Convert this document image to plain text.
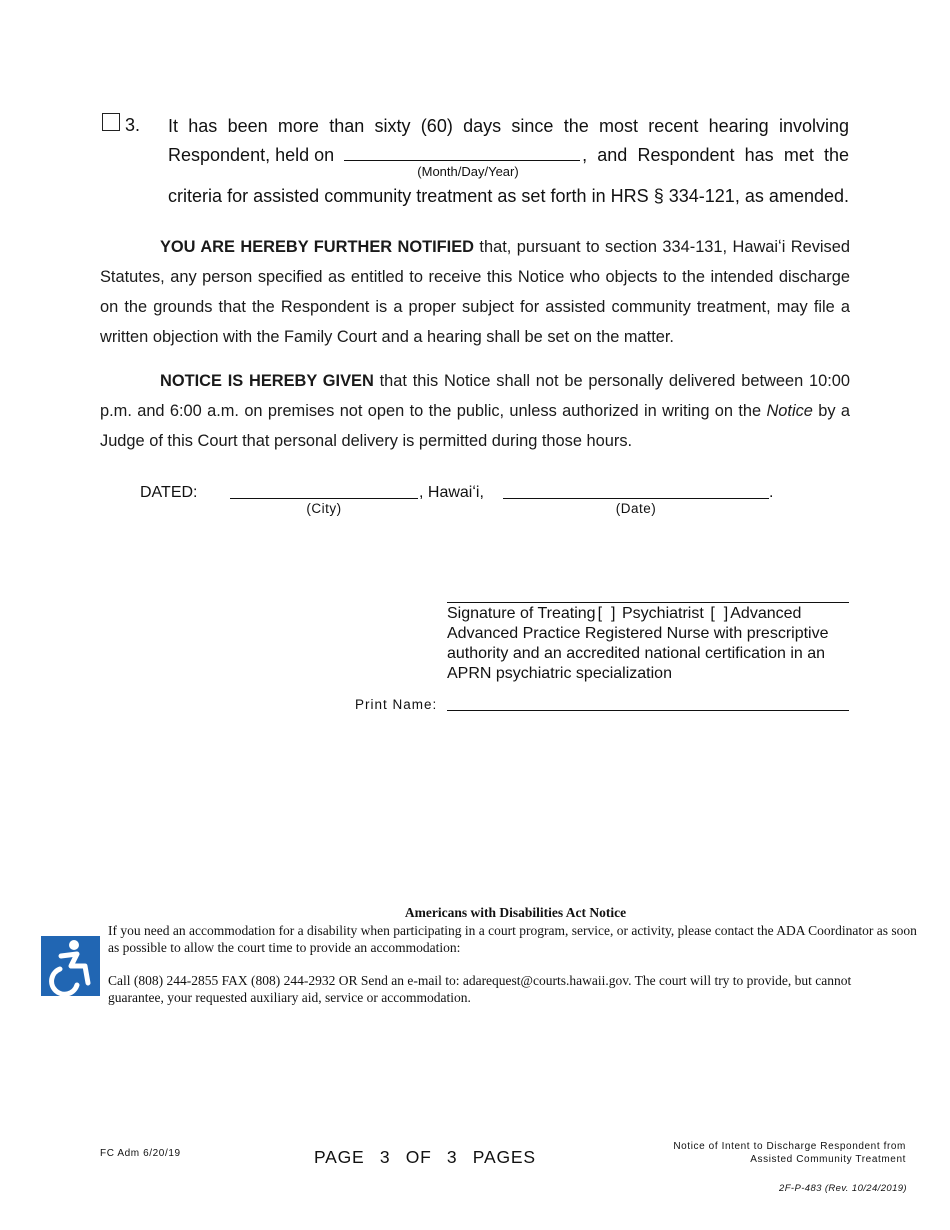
3. It has been more than sixty (60) days since the most recent hearing involving
Respondent, held on	, and Respondent has met the
(Month/Day/Year)
criteria for assisted community treatment as set forth in HRS § 334-121, as amended.
YOU ARE HEREBY FURTHER NOTIFIED that, pursuant to section 334-131, Hawaiʻi Revised Statutes, any person specified as entitled to receive this Notice who objects to the intended discharge on the grounds that the Respondent is a proper subject for assisted community treatment, may file a written objection with the Family Court and a hearing shall be set on the matter.
NOTICE IS HEREBY GIVEN that this Notice shall not be personally delivered between 10:00 p.m. and 6:00 a.m. on premises not open to the public, unless authorized in writing on the Notice by a Judge of this Court that personal delivery is permitted during those hours.
DATED:	, Hawaiʻi,	.
(City)	(Date)
Signature of Treating [ ] Psychiatrist [ ] Advanced
Advanced Practice Registered Nurse with prescriptive authority and an accredited national certification in an APRN psychiatric specialization
Print Name:
Americans with Disabilities Act Notice
If you need an accommodation for a disability when participating in a court program, service, or activity, please contact the ADA Coordinator as soon as possible to allow the court time to provide an accommodation:
Call (808) 244-2855 FAX (808) 244-2932 OR Send an e-mail to: adarequest@courts.hawaii.gov. The court will try to provide, but cannot guarantee, your requested auxiliary aid, service or accommodation.
FC Adm 6/20/19	PAGE  3  OF  3  PAGES
Notice of Intent to Discharge Respondent from
Assisted Community Treatment
2F-P-483 (Rev. 10/24/2019)
